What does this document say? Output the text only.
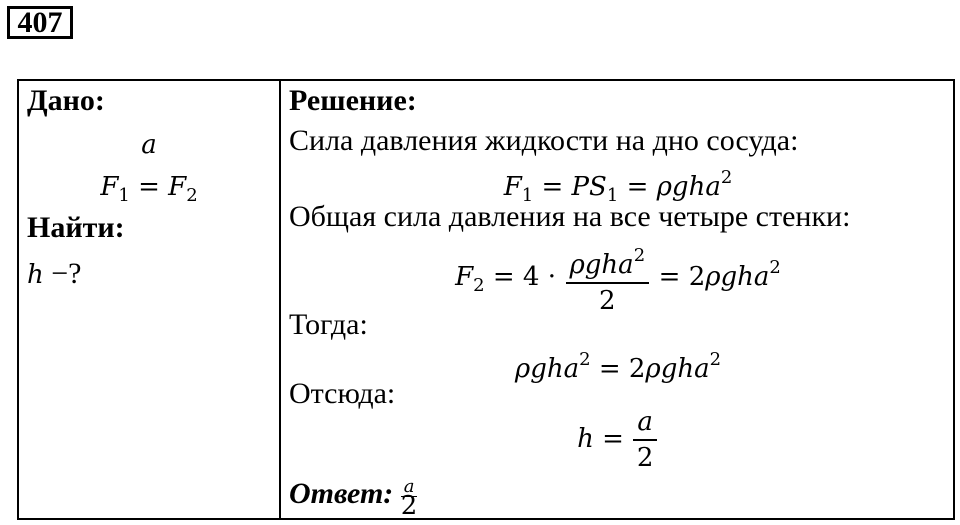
407
Дано:
a
$F_1 = F_2$
Найти:
h −?
Решение:
Сила давления жидкости на дно сосуда:
$F_1 = PS_1 = \rho gha^2$
Общая сила давления на все четыре стенки:
$F_2 = 4 \cdot \frac{\rho gha^2}{2} = 2\rho gha^2$
Тогда:
ρgha$^2$ = 2ρgha$^2$
Отсюда:
$h = \frac{a}{2}$
Ответ: $\frac{a}{2}$
